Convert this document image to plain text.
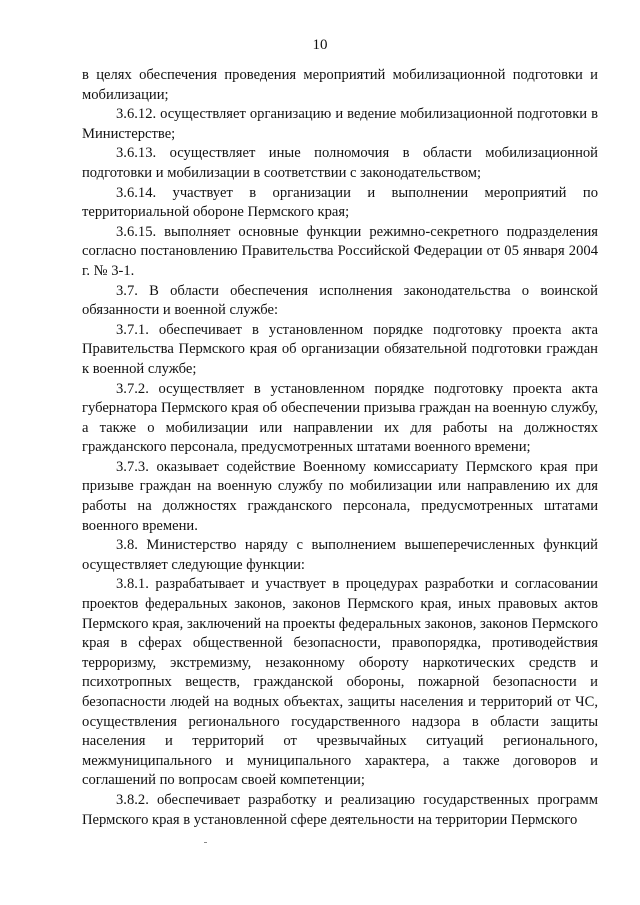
10

в целях обеспечения проведения мероприятий мобилизационной подготовки и мобилизации;

3.6.12. осуществляет организацию и ведение мобилизационной подготовки в Министерстве;

3.6.13. осуществляет иные полномочия в области мобилизационной подготовки и мобилизации в соответствии с законодательством;

3.6.14. участвует в организации и выполнении мероприятий по территориальной обороне Пермского края;

3.6.15. выполняет основные функции режимно-секретного подразделения согласно постановлению Правительства Российской Федерации от 05 января 2004 г. № 3-1.

3.7. В области обеспечения исполнения законодательства о воинской обязанности и военной службе:

3.7.1. обеспечивает в установленном порядке подготовку проекта акта Правительства Пермского края об организации обязательной подготовки граждан к военной службе;

3.7.2. осуществляет в установленном порядке подготовку проекта акта губернатора Пермского края об обеспечении призыва граждан на военную службу, а также о мобилизации или направлении их для работы на должностях гражданского персонала, предусмотренных штатами военного времени;

3.7.3. оказывает содействие Военному комиссариату Пермского края при призыве граждан на военную службу по мобилизации или направлению их для работы на должностях гражданского персонала, предусмотренных штатами военного времени.

3.8. Министерство наряду с выполнением вышеперечисленных функций осуществляет следующие функции:

3.8.1. разрабатывает и участвует в процедурах разработки и согласовании проектов федеральных законов, законов Пермского края, иных правовых актов Пермского края, заключений на проекты федеральных законов, законов Пермского края в сферах общественной безопасности, правопорядка, противодействия терроризму, экстремизму, незаконному обороту наркотических средств и психотропных веществ, гражданской обороны, пожарной безопасности и безопасности людей на водных объектах, защиты населения и территорий от ЧС, осуществления регионального государственного надзора в области защиты населения и территорий от чрезвычайных ситуаций регионального, межмуниципального и муниципального характера, а также договоров и соглашений по вопросам своей компетенции;

3.8.2. обеспечивает разработку и реализацию государственных программ Пермского края в установленной сфере деятельности на территории Пермского
